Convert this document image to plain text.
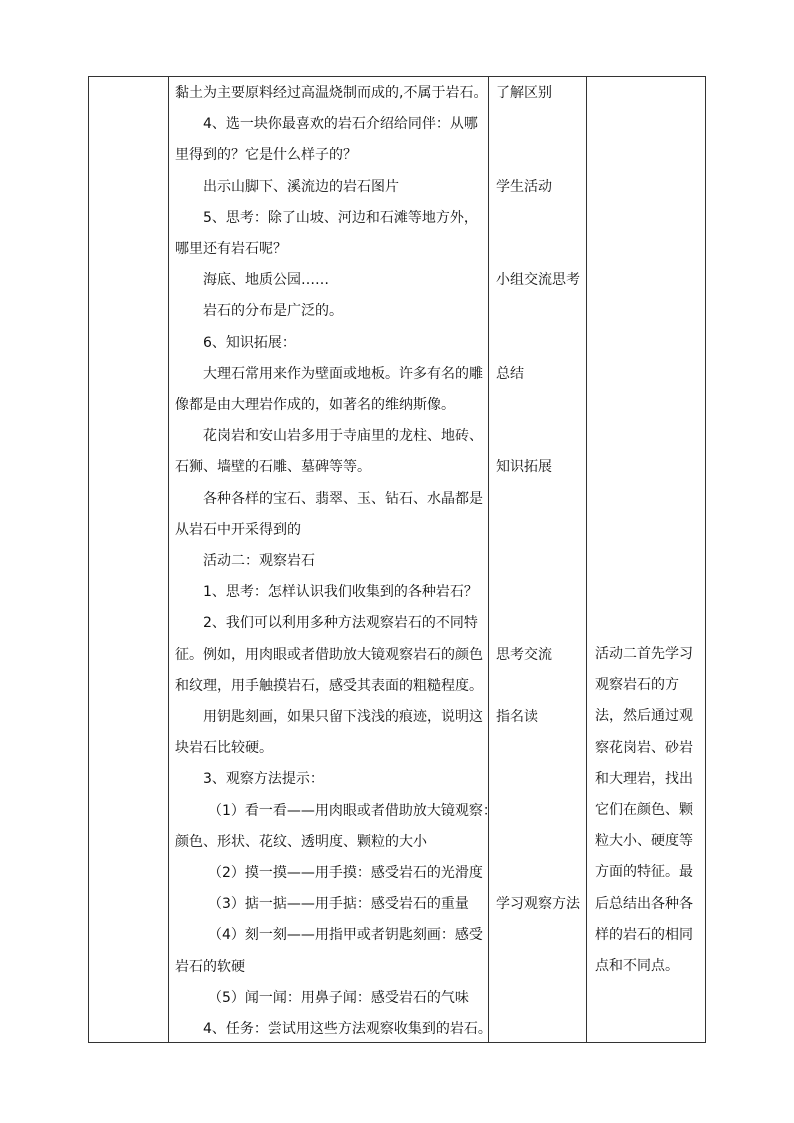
黏土为主要原料经过高温烧制而成的,不属于岩石。
4、选一块你最喜欢的岩石介绍给同伴：从哪
里得到的？它是什么样子的？
出示山脚下、溪流边的岩石图片
5、思考：除了山坡、河边和石滩等地方外，
哪里还有岩石呢？
海底、地质公园……
岩石的分布是广泛的。
6、知识拓展：
大理石常用来作为壁面或地板。许多有名的雕
像都是由大理岩作成的，如著名的维纳斯像。
花岗岩和安山岩多用于寺庙里的龙柱、地砖、
石狮、墙壁的石雕、墓碑等等。
各种各样的宝石、翡翠、玉、钻石、水晶都是
从岩石中开采得到的
活动二：观察岩石
1、思考：怎样认识我们收集到的各种岩石？
2、我们可以利用多种方法观察岩石的不同特
征。例如，用肉眼或者借助放大镜观察岩石的颜色
和纹理，用手触摸岩石，感受其表面的粗糙程度。
用钥匙刻画，如果只留下浅浅的痕迹，说明这
块岩石比较硬。
3、观察方法提示：
（1）看一看——用肉眼或者借助放大镜观察：
颜色、形状、花纹、透明度、颗粒的大小
（2）摸一摸——用手摸：感受岩石的光滑度
（3）掂一掂——用手掂：感受岩石的重量
（4）刻一刻——用指甲或者钥匙刻画：感受
岩石的软硬
（5）闻一闻：用鼻子闻：感受岩石的气味
4、任务：尝试用这些方法观察收集到的岩石。
了解区别
学生活动
小组交流思考
总结
知识拓展
思考交流
指名读
学习观察方法
活动二首先学习观察岩石的方法，然后通过观察花岗岩、砂岩和大理岩，找出它们在颜色、颗粒大小、硬度等方面的特征。最后总结出各种各样的岩石的相同点和不同点。
